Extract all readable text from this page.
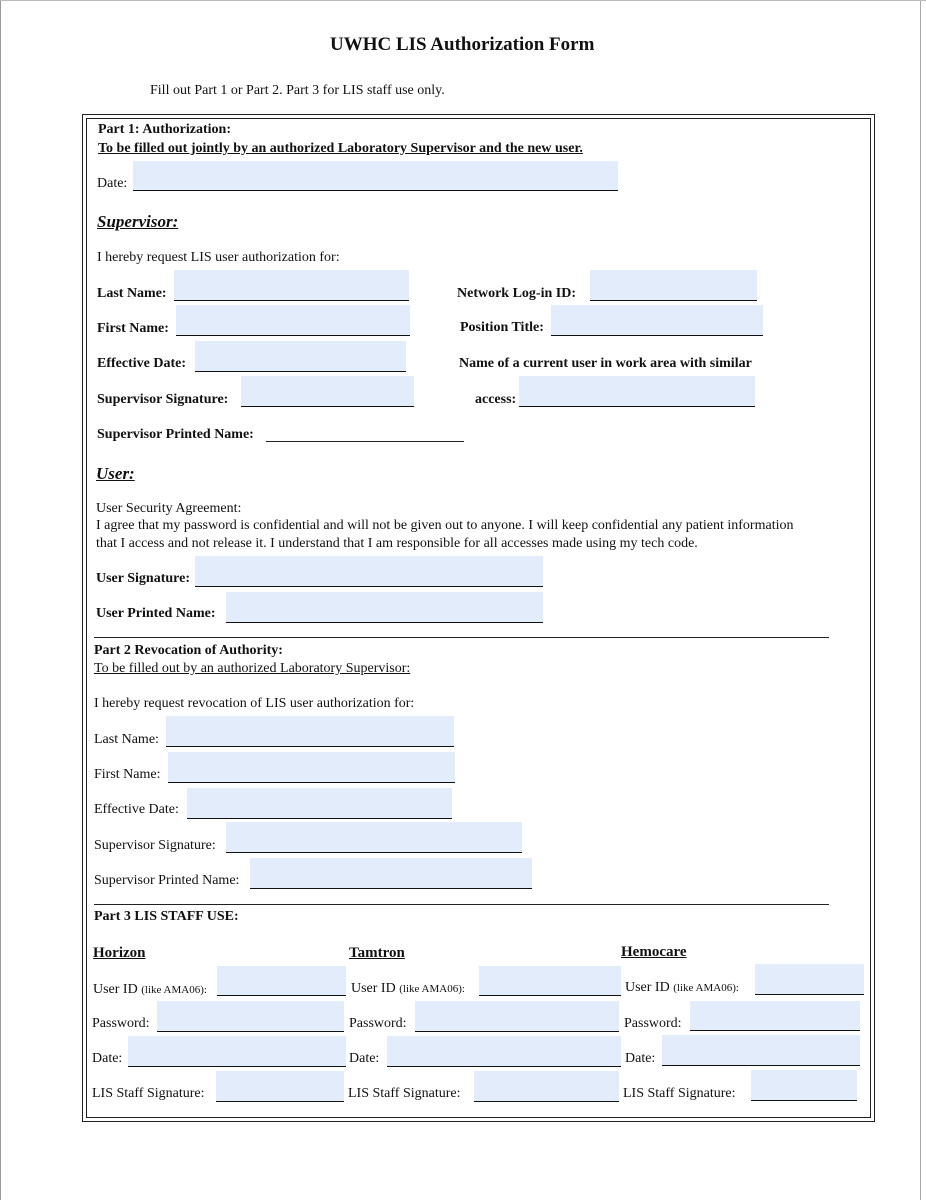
UWHC LIS Authorization Form
Fill out Part 1 or Part 2. Part 3 for LIS staff use only.
Part 1: Authorization:
To be filled out jointly by an authorized Laboratory Supervisor and the new user.
Date:
Supervisor:
I hereby request LIS user authorization for:
Last Name:
First Name:
Effective Date:
Supervisor Signature:
Supervisor Printed Name:
Network Log-in ID:
Position Title:
Name of a current user in work area with similar
access:
User:
User Security Agreement:
I agree that my password is confidential and will not be given out to anyone. I will keep confidential any patient information
that I access and not release it. I understand that I am responsible for all accesses made using my tech code.
User Signature:
User Printed Name:
Part 2 Revocation of Authority:
To be filled out by an authorized Laboratory Supervisor:
I hereby request revocation of LIS user authorization for:
Last Name:
First Name:
Effective Date:
Supervisor Signature:
Supervisor Printed Name:
Part 3 LIS STAFF USE:
Horizon
User ID (like AMA06):
Password:
Date:
LIS Staff Signature:
Tamtron
User ID (like AMA06):
Password:
Date:
LIS Staff Signature:
Hemocare
User ID (like AMA06):
Password:
Date:
LIS Staff Signature:
